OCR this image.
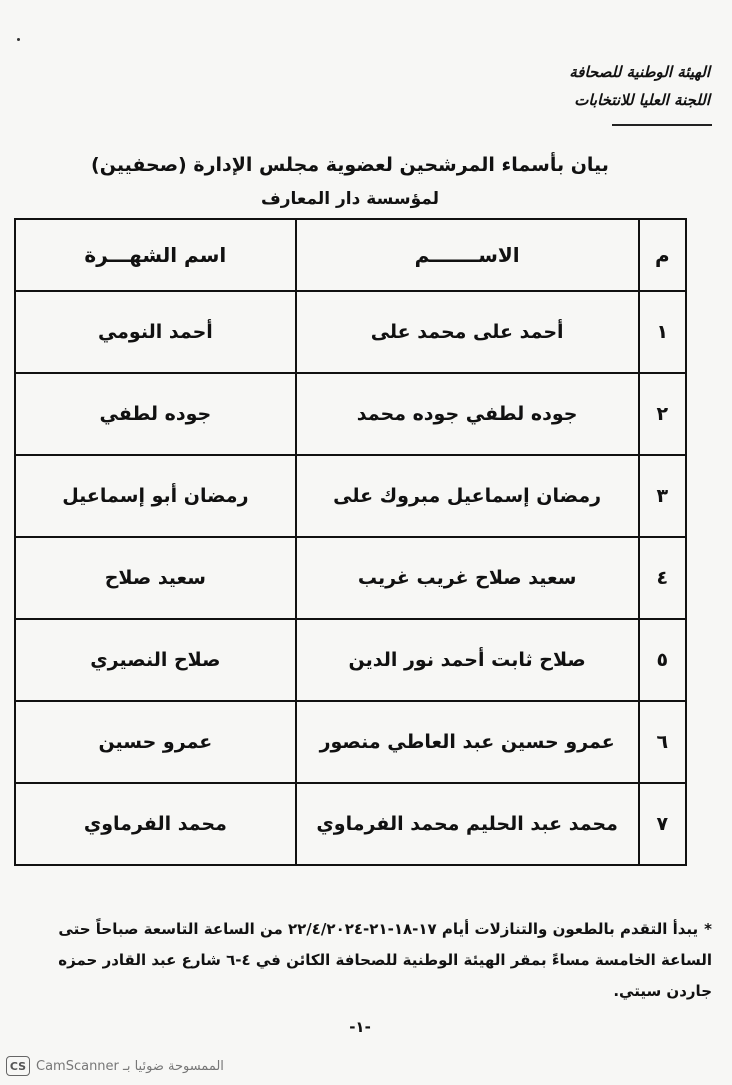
الهيئة الوطنية للصحافة
اللجنة العليا للانتخابات
بيان بأسماء المرشحين لعضوية مجلس الإدارة (صحفيين)
لمؤسسة دار المعارف
م	الاســـــــم	اسم الشهـــرة
١	أحمد على محمد على	أحمد النومي
٢	جوده لطفي جوده محمد	جوده لطفي
٣	رمضان إسماعيل مبروك على	رمضان أبو إسماعيل
٤	سعيد صلاح غريب غريب	سعيد صلاح
٥	صلاح ثابت أحمد نور الدين	صلاح النصيري
٦	عمرو حسين عبد العاطي منصور	عمرو حسين
٧	محمد عبد الحليم محمد الفرماوي	محمد الفرماوي
*يبدأ التقدم بالطعون والتنازلات أيام ١٧-١٨-٢١-٢٢/٤/٢٠٢٤ من الساعة التاسعة صباحاً حتى الساعة الخامسة مساءً بمقر الهيئة الوطنية للصحافة الكائن في ٤-٦ شارع عبد القادر حمزه جاردن سيتي.
-١-
CS الممسوحة ضوئيا بـ CamScanner
